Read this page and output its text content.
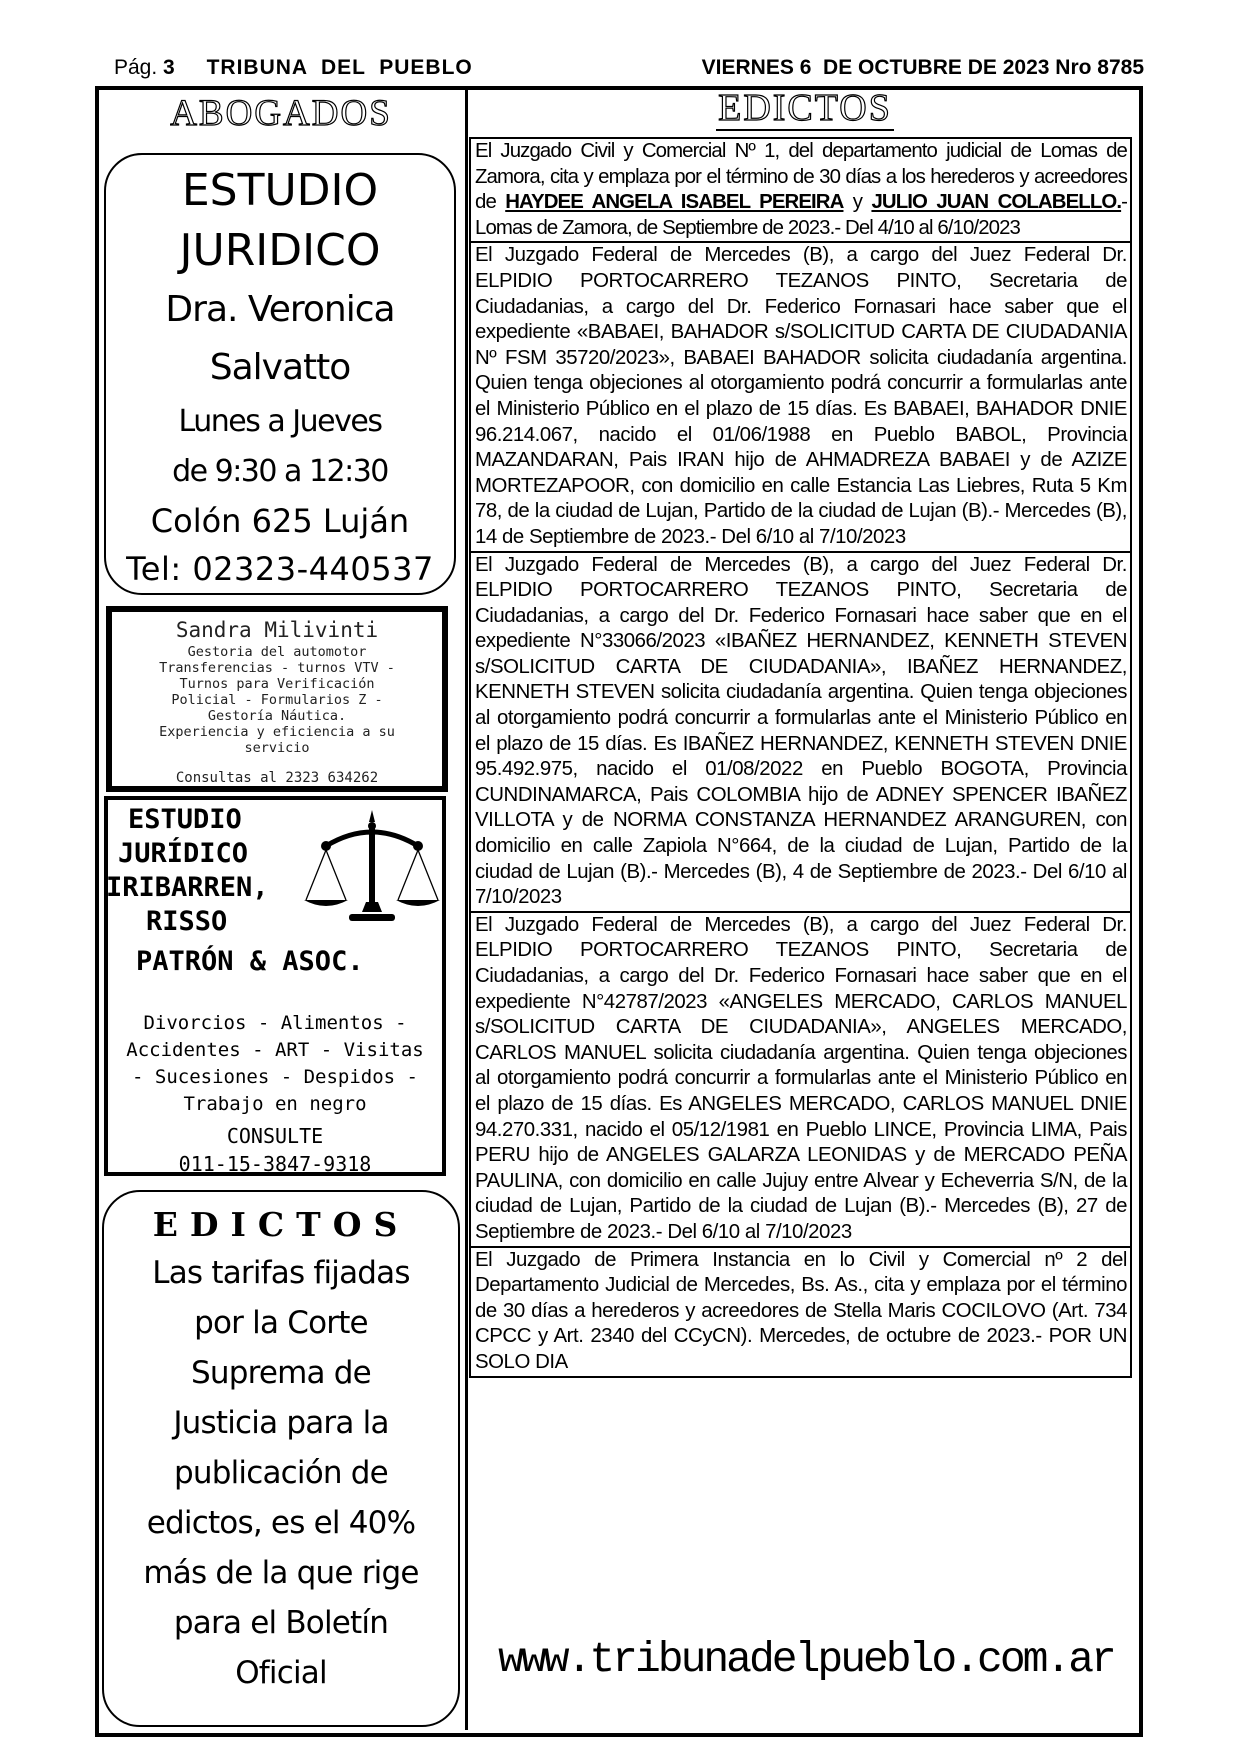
Pág. 3 TRIBUNA  DEL  PUEBLO	VIERNES 6  DE OCTUBRE DE 2023 Nro 8785
ABOGADOS
ESTUDIO
JURIDICO
Dra. Veronica
Salvatto
Lunes a Jueves
de 9:30 a 12:30
Colón 625 Luján
Tel: 02323-440537
Sandra Milivinti
Gestoria del automotor
Transferencias - turnos VTV -
Turnos para Verificación
Policial - Formularios Z -
Gestoría Náutica.
Experiencia y eficiencia a su
servicio
Consultas al 2323 634262
ESTUDIO
JURÍDICO
IRIBARREN,
RISSO
PATRÓN & ASOC.
Divorcios - Alimentos -
Accidentes - ART - Visitas
- Sucesiones - Despidos -
Trabajo en negro
CONSULTE
011-15-3847-9318
EDICTOS
Las tarifas fijadas
por la Corte
Suprema de
Justicia para la
publicación de
edictos, es el 40%
más de la que rige
para el Boletín
Oficial
EDICTOS
El Juzgado Civil y Comercial Nº 1, del departamento judicial de Lomas de Zamora, cita y emplaza por el término de 30 días a los herederos y acreedores de HAYDEE ANGELA ISABEL PEREIRA y JULIO JUAN COLABELLO.- Lomas de Zamora, de Septiembre de 2023.- Del 4/10 al 6/10/2023
El Juzgado Federal de Mercedes (B), a cargo del Juez Federal Dr. ELPIDIO PORTOCARRERO TEZANOS PINTO, Secretaria de Ciudadanias, a cargo del Dr. Federico Fornasari hace saber que el expediente «BABAEI, BAHADOR s/SOLICITUD CARTA DE CIUDADANIA Nº FSM 35720/2023», BABAEI BAHADOR solicita ciudadanía argentina. Quien tenga objeciones al otorgamiento podrá concurrir a formularlas ante el Ministerio Público en el plazo de 15 días. Es BABAEI, BAHADOR DNIE 96.214.067, nacido el 01/06/1988 en Pueblo BABOL, Provincia MAZANDARAN, Pais IRAN hijo de AHMADREZA BABAEI y de AZIZE MORTEZAPOOR, con domicilio en calle Estancia Las Liebres, Ruta 5 Km 78, de la ciudad de Lujan, Partido de la ciudad de Lujan (B).- Mercedes (B), 14 de Septiembre de 2023.- Del 6/10 al 7/10/2023
El Juzgado Federal de Mercedes (B), a cargo del Juez Federal Dr. ELPIDIO PORTOCARRERO TEZANOS PINTO, Secretaria de Ciudadanias, a cargo del Dr. Federico Fornasari hace saber que en el expediente N°33066/2023 «IBAÑEZ HERNANDEZ, KENNETH STEVEN s/SOLICITUD CARTA DE CIUDADANIA», IBAÑEZ HERNANDEZ, KENNETH STEVEN solicita ciudadanía argentina. Quien tenga objeciones al otorgamiento podrá concurrir a formularlas ante el Ministerio Público en el plazo de 15 días. Es IBAÑEZ HERNANDEZ, KENNETH STEVEN DNIE 95.492.975, nacido el 01/08/2022 en Pueblo BOGOTA, Provincia CUNDINAMARCA, Pais COLOMBIA hijo de ADNEY SPENCER IBAÑEZ VILLOTA y de NORMA CONSTANZA HERNANDEZ ARANGUREN, con domicilio en calle Zapiola N°664, de la ciudad de Lujan, Partido de la ciudad de Lujan (B).- Mercedes (B), 4 de Septiembre de 2023.- Del 6/10 al 7/10/2023
El Juzgado Federal de Mercedes (B), a cargo del Juez Federal Dr. ELPIDIO PORTOCARRERO TEZANOS PINTO, Secretaria de Ciudadanias, a cargo del Dr. Federico Fornasari hace saber que en el expediente N°42787/2023 «ANGELES MERCADO, CARLOS MANUEL s/SOLICITUD CARTA DE CIUDADANIA», ANGELES MERCADO, CARLOS MANUEL solicita ciudadanía argentina. Quien tenga objeciones al otorgamiento podrá concurrir a formularlas ante el Ministerio Público en el plazo de 15 días. Es ANGELES MERCADO, CARLOS MANUEL DNIE 94.270.331, nacido el 05/12/1981 en Pueblo LINCE, Provincia LIMA, Pais PERU hijo de ANGELES GALARZA LEONIDAS y de MERCADO PEÑA PAULINA, con domicilio en calle Jujuy entre Alvear y Echeverria S/N, de la ciudad de Lujan, Partido de la ciudad de Lujan (B).- Mercedes (B), 27 de Septiembre de 2023.- Del 6/10 al 7/10/2023
El Juzgado de Primera Instancia en lo Civil y Comercial nº 2 del Departamento Judicial de Mercedes, Bs. As., cita y emplaza por el término de 30 días a herederos y acreedores de Stella Maris COCILOVO (Art. 734 CPCC y Art. 2340 del CCyCN). Mercedes, de octubre de 2023.- POR UN SOLO DIA
www.tribunadelpueblo.com.ar
